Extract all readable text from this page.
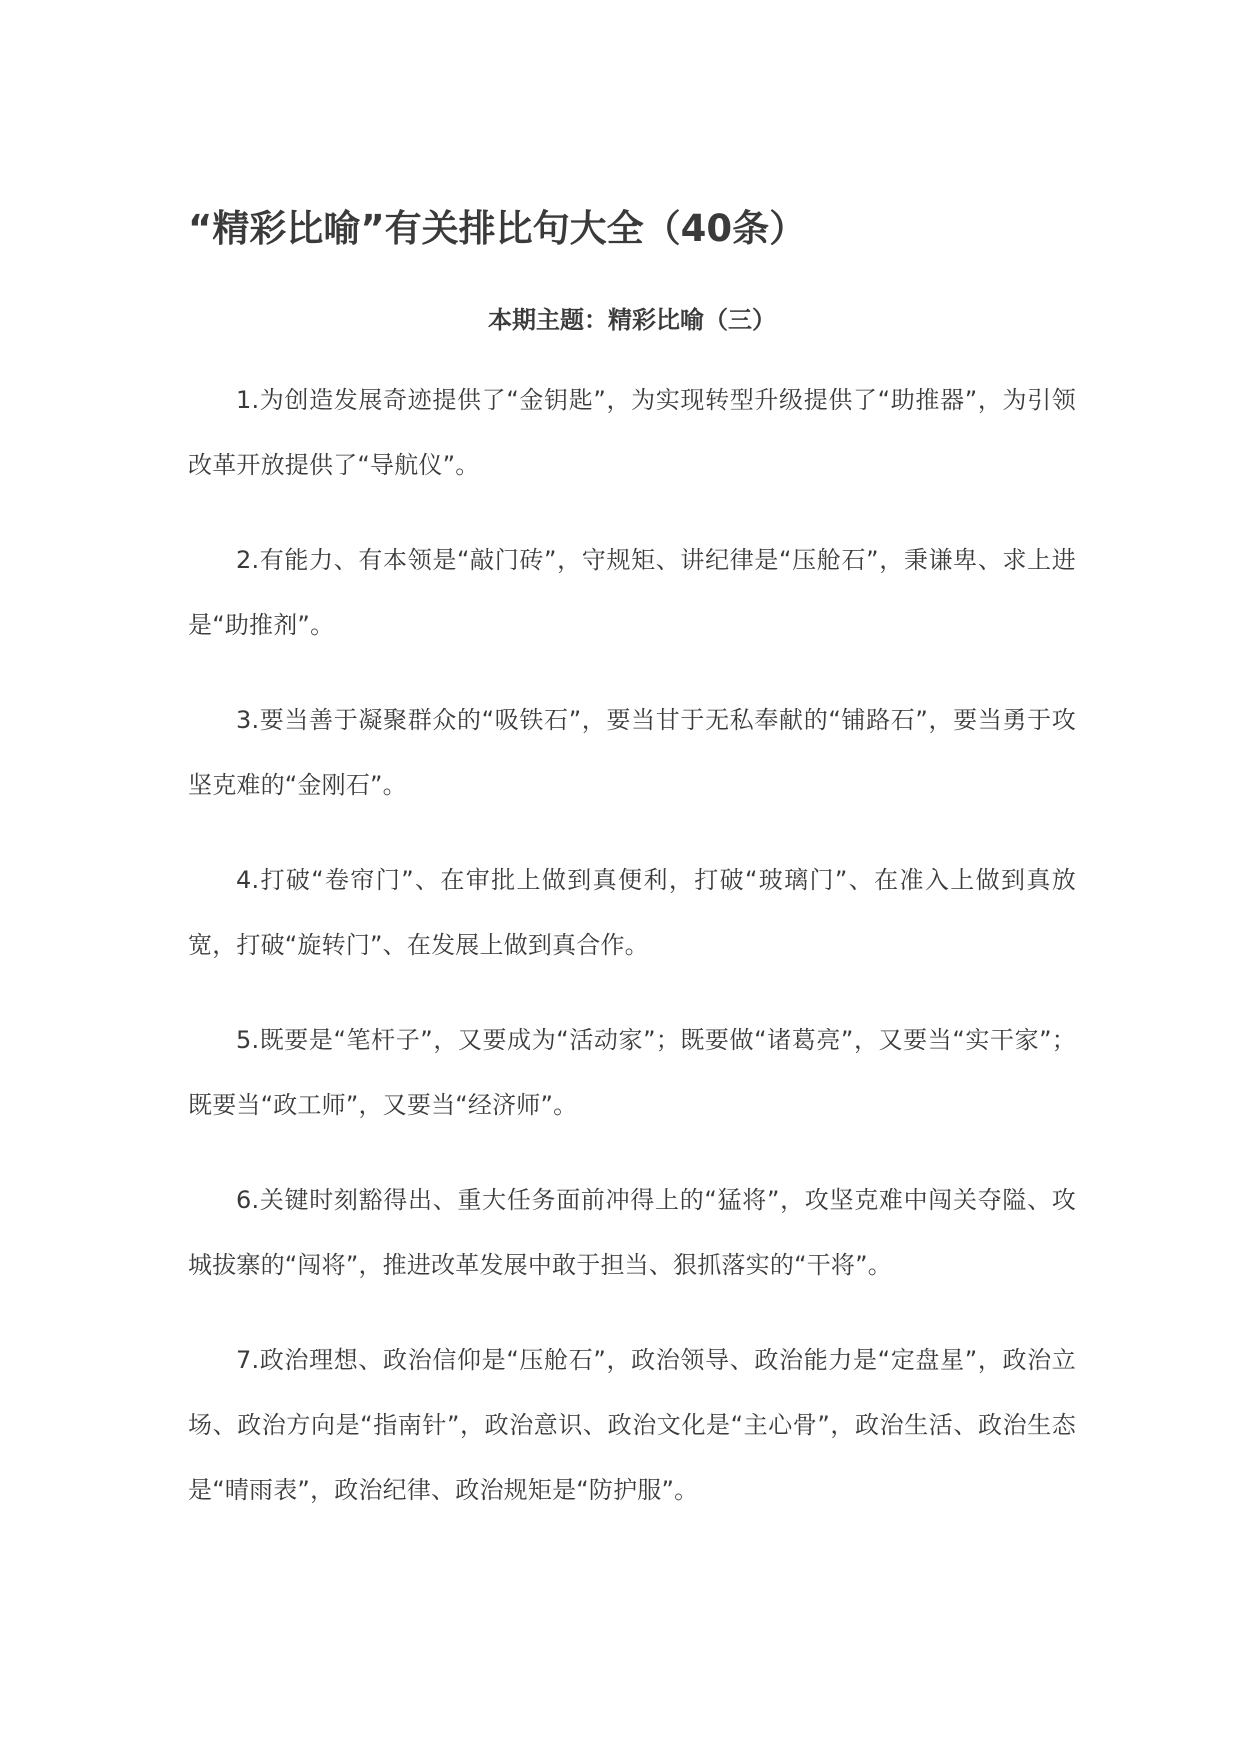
“精彩比喻”有关排比句大全（40条）
本期主题：精彩比喻（三）

1.为创造发展奇迹提供了“金钥匙”，为实现转型升级提供了“助推器”，为引领改革开放提供了“导航仪”。

2.有能力、有本领是“敲门砖”，守规矩、讲纪律是“压舱石”，秉谦卑、求上进是“助推剂”。

3.要当善于凝聚群众的“吸铁石”，要当甘于无私奉献的“铺路石”，要当勇于攻坚克难的“金刚石”。

4.打破“卷帘门”、在审批上做到真便利，打破“玻璃门”、在准入上做到真放宽，打破“旋转门”、在发展上做到真合作。

5.既要是“笔杆子”，又要成为“活动家”；既要做“诸葛亮”，又要当“实干家”；既要当“政工师”，又要当“经济师”。

6.关键时刻豁得出、重大任务面前冲得上的“猛将”，攻坚克难中闯关夺隘、攻城拔寨的“闯将”，推进改革发展中敢于担当、狠抓落实的“干将”。

7.政治理想、政治信仰是“压舱石”，政治领导、政治能力是“定盘星”，政治立场、政治方向是“指南针”，政治意识、政治文化是“主心骨”，政治生活、政治生态是“晴雨表”，政治纪律、政治规矩是“防护服”。
